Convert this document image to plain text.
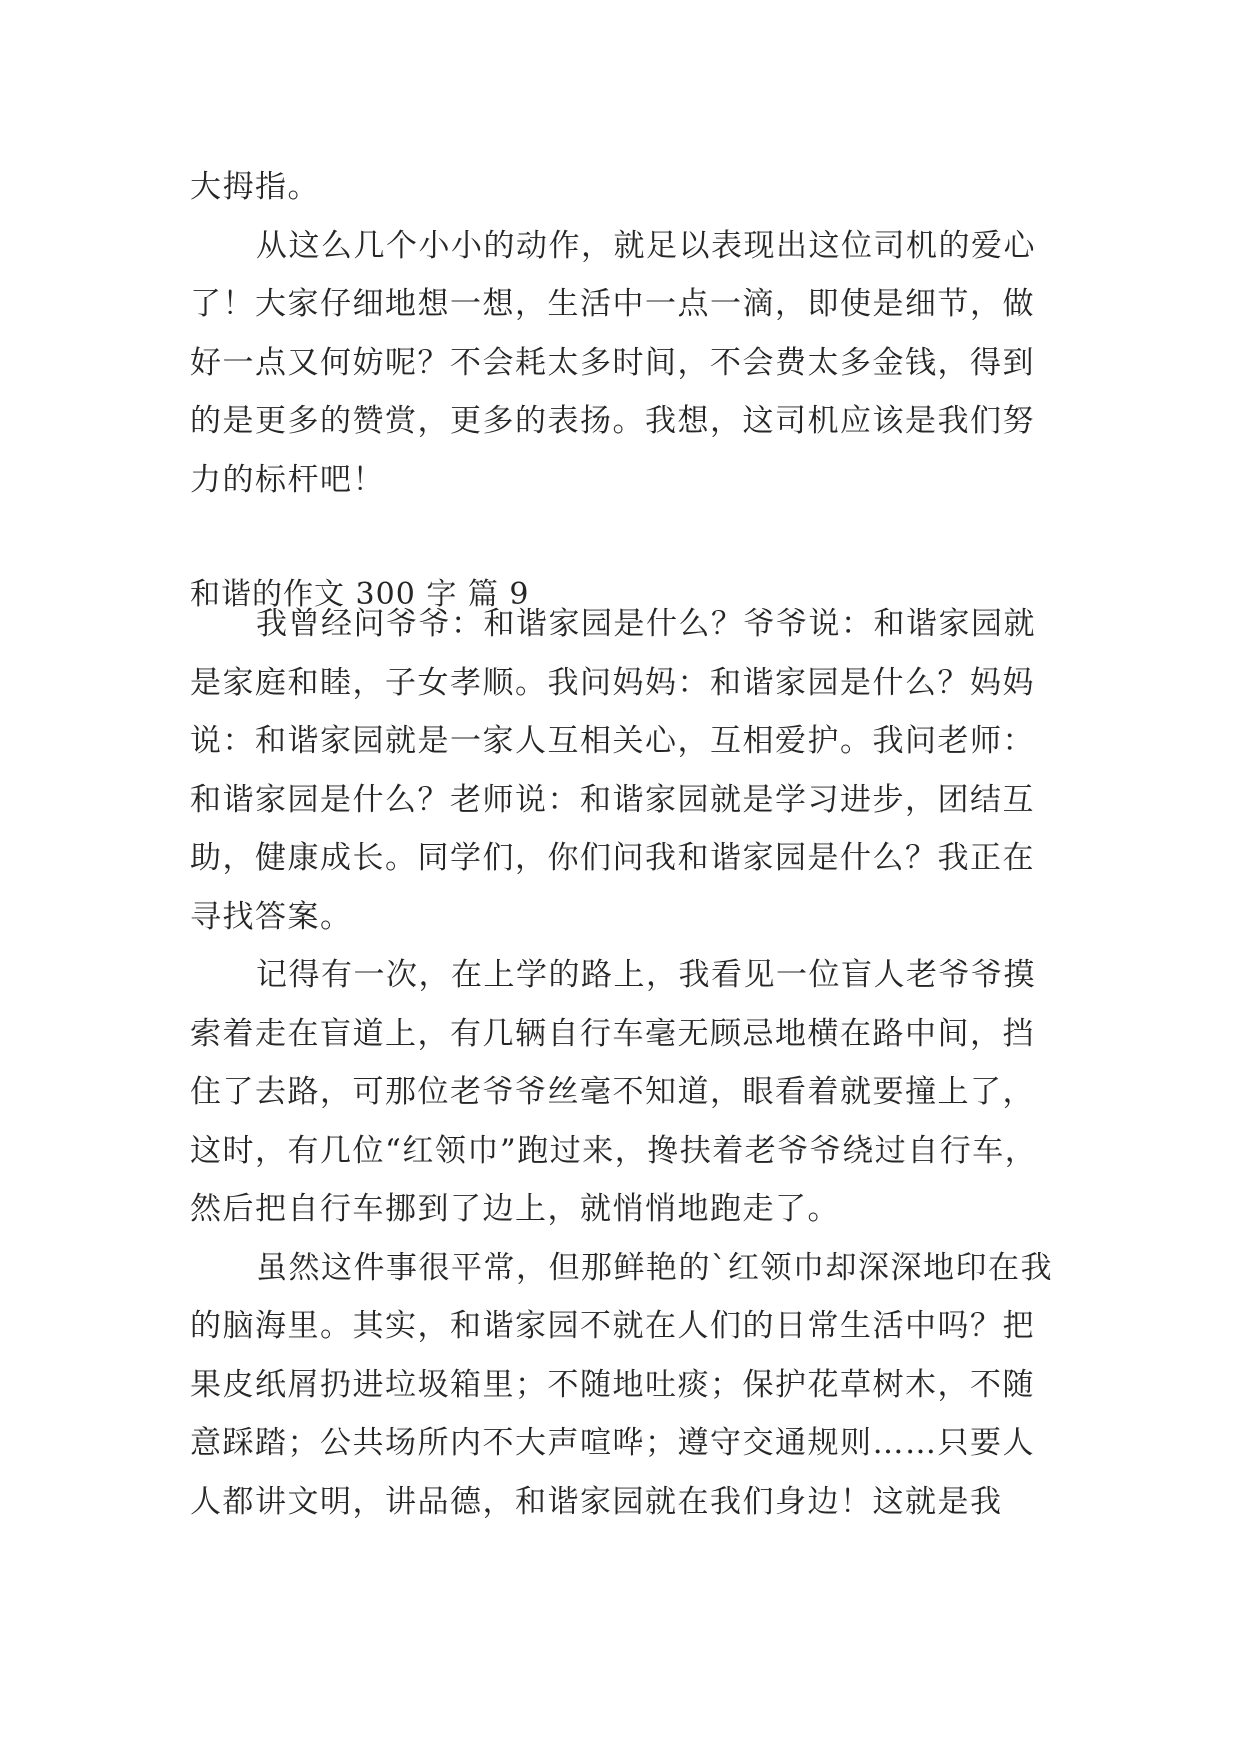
大拇指。

从这么几个小小的动作，就足以表现出这位司机的爱心了！大家仔细地想一想，生活中一点一滴，即使是细节，做好一点又何妨呢？不会耗太多时间，不会费太多金钱，得到的是更多的赞赏，更多的表扬。我想，这司机应该是我们努力的标杆吧！

和谐的作文 300 字 篇 9

我曾经问爷爷：和谐家园是什么？爷爷说：和谐家园就是家庭和睦，子女孝顺。我问妈妈：和谐家园是什么？妈妈说：和谐家园就是一家人互相关心，互相爱护。我问老师：和谐家园是什么？老师说：和谐家园就是学习进步，团结互助，健康成长。同学们，你们问我和谐家园是什么？我正在寻找答案。

记得有一次，在上学的路上，我看见一位盲人老爷爷摸索着走在盲道上，有几辆自行车毫无顾忌地横在路中间，挡住了去路，可那位老爷爷丝毫不知道，眼看着就要撞上了，这时，有几位“红领巾”跑过来，搀扶着老爷爷绕过自行车，然后把自行车挪到了边上，就悄悄地跑走了。

虽然这件事很平常，但那鲜艳的`红领巾却深深地印在我的脑海里。其实，和谐家园不就在人们的日常生活中吗？把果皮纸屑扔进垃圾箱里；不随地吐痰；保护花草树木，不随意踩踏；公共场所内不大声喧哗；遵守交通规则……只要人人都讲文明，讲品德，和谐家园就在我们身边！这就是我
